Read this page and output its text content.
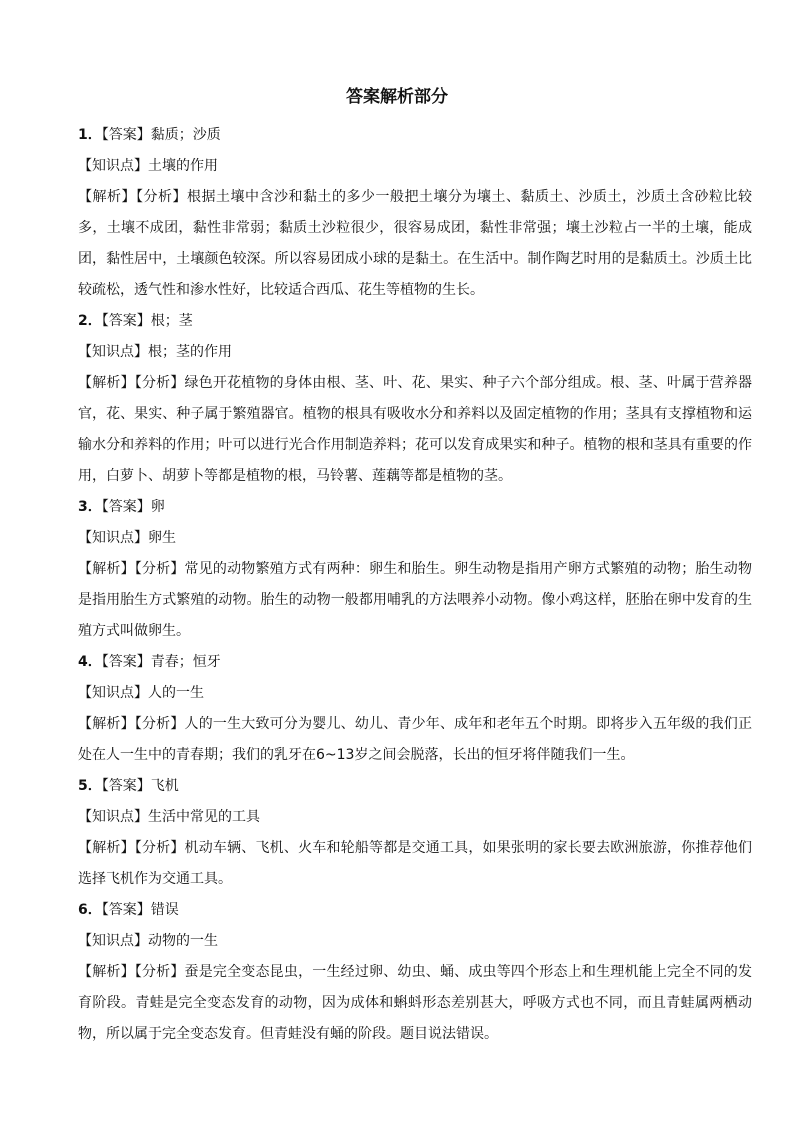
答案解析部分
1．【答案】黏质；沙质
【知识点】土壤的作用
【解析】【分析】根据土壤中含沙和黏土的多少一般把土壤分为壤土、黏质土、沙质土，沙质土含砂粒比较多，土壤不成团，黏性非常弱；黏质土沙粒很少，很容易成团，黏性非常强；壤土沙粒占一半的土壤，能成团，黏性居中，土壤颜色较深。所以容易团成小球的是黏土。在生活中。制作陶艺时用的是黏质土。沙质土比较疏松，透气性和渗水性好，比较适合西瓜、花生等植物的生长。
2．【答案】根；茎
【知识点】根；茎的作用
【解析】【分析】绿色开花植物的身体由根、茎、叶、花、果实、种子六个部分组成。根、茎、叶属于营养器官，花、果实、种子属于繁殖器官。植物的根具有吸收水分和养料以及固定植物的作用；茎具有支撑植物和运输水分和养料的作用；叶可以进行光合作用制造养料；花可以发育成果实和种子。植物的根和茎具有重要的作用，白萝卜、胡萝卜等都是植物的根，马铃薯、莲藕等都是植物的茎。
3．【答案】卵
【知识点】卵生
【解析】【分析】常见的动物繁殖方式有两种：卵生和胎生。卵生动物是指用产卵方式繁殖的动物；胎生动物是指用胎生方式繁殖的动物。胎生的动物一般都用哺乳的方法喂养小动物。像小鸡这样，胚胎在卵中发育的生殖方式叫做卵生。
4．【答案】青春；恒牙
【知识点】人的一生
【解析】【分析】人的一生大致可分为婴儿、幼儿、青少年、成年和老年五个时期。即将步入五年级的我们正处在人一生中的青春期；我们的乳牙在6~13岁之间会脱落，长出的恒牙将伴随我们一生。
5．【答案】飞机
【知识点】生活中常见的工具
【解析】【分析】机动车辆、飞机、火车和轮船等都是交通工具，如果张明的家长要去欧洲旅游，你推荐他们选择飞机作为交通工具。
6．【答案】错误
【知识点】动物的一生
【解析】【分析】蚕是完全变态昆虫，一生经过卵、幼虫、蛹、成虫等四个形态上和生理机能上完全不同的发育阶段。青蛙是完全变态发育的动物，因为成体和蝌蚪形态差别甚大，呼吸方式也不同，而且青蛙属两栖动物，所以属于完全变态发育。但青蛙没有蛹的阶段。题目说法错误。
